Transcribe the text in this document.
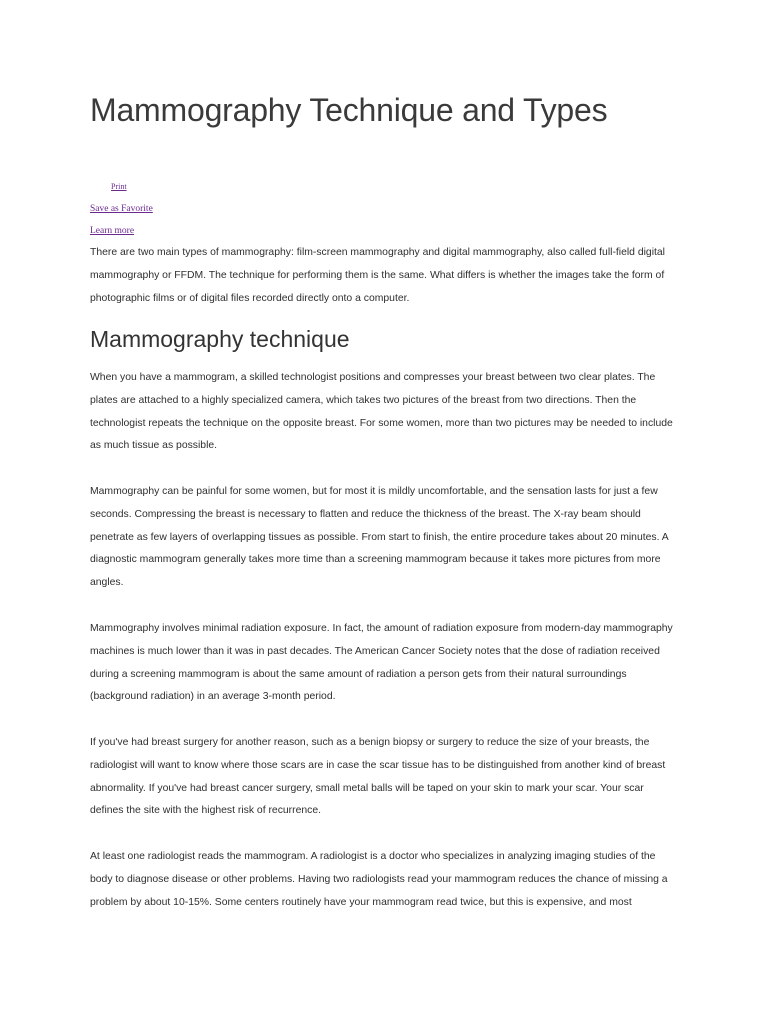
Mammography Technique and Types
Print
Save as Favorite
Learn more

There are two main types of mammography: film-screen mammography and digital mammography, also called full-field digital mammography or FFDM. The technique for performing them is the same. What differs is whether the images take the form of photographic films or of digital files recorded directly onto a computer.

Mammography technique

When you have a mammogram, a skilled technologist positions and compresses your breast between two clear plates. The plates are attached to a highly specialized camera, which takes two pictures of the breast from two directions. Then the technologist repeats the technique on the opposite breast. For some women, more than two pictures may be needed to include as much tissue as possible.

Mammography can be painful for some women, but for most it is mildly uncomfortable, and the sensation lasts for just a few seconds. Compressing the breast is necessary to flatten and reduce the thickness of the breast. The X-ray beam should penetrate as few layers of overlapping tissues as possible. From start to finish, the entire procedure takes about 20 minutes. A diagnostic mammogram generally takes more time than a screening mammogram because it takes more pictures from more angles.

Mammography involves minimal radiation exposure. In fact, the amount of radiation exposure from modern-day mammography machines is much lower than it was in past decades. The American Cancer Society notes that the dose of radiation received during a screening mammogram is about the same amount of radiation a person gets from their natural surroundings (background radiation) in an average 3-month period.

If you've had breast surgery for another reason, such as a benign biopsy or surgery to reduce the size of your breasts, the radiologist will want to know where those scars are in case the scar tissue has to be distinguished from another kind of breast abnormality. If you've had breast cancer surgery, small metal balls will be taped on your skin to mark your scar. Your scar defines the site with the highest risk of recurrence.

At least one radiologist reads the mammogram. A radiologist is a doctor who specializes in analyzing imaging studies of the body to diagnose disease or other problems. Having two radiologists read your mammogram reduces the chance of missing a problem by about 10-15%. Some centers routinely have your mammogram read twice, but this is expensive, and most
